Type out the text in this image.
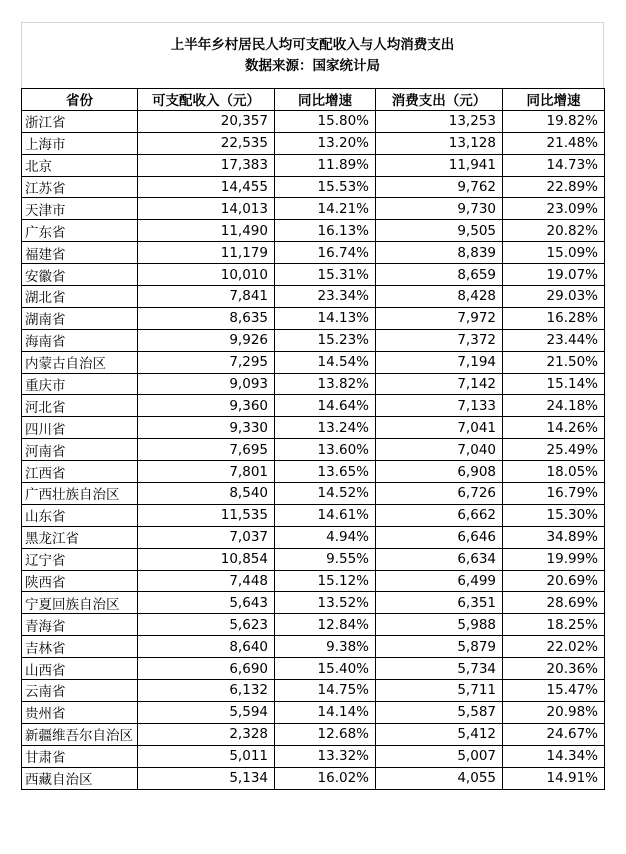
上半年乡村居民人均可支配收入与人均消费支出
数据来源：国家统计局
省份	可支配收入（元）	同比增速	消费支出（元）	同比增速
浙江省	20,357	15.80%	13,253	19.82%
上海市	22,535	13.20%	13,128	21.48%
北京	17,383	11.89%	11,941	14.73%
江苏省	14,455	15.53%	9,762	22.89%
天津市	14,013	14.21%	9,730	23.09%
广东省	11,490	16.13%	9,505	20.82%
福建省	11,179	16.74%	8,839	15.09%
安徽省	10,010	15.31%	8,659	19.07%
湖北省	7,841	23.34%	8,428	29.03%
湖南省	8,635	14.13%	7,972	16.28%
海南省	9,926	15.23%	7,372	23.44%
内蒙古自治区	7,295	14.54%	7,194	21.50%
重庆市	9,093	13.82%	7,142	15.14%
河北省	9,360	14.64%	7,133	24.18%
四川省	9,330	13.24%	7,041	14.26%
河南省	7,695	13.60%	7,040	25.49%
江西省	7,801	13.65%	6,908	18.05%
广西壮族自治区	8,540	14.52%	6,726	16.79%
山东省	11,535	14.61%	6,662	15.30%
黑龙江省	7,037	4.94%	6,646	34.89%
辽宁省	10,854	9.55%	6,634	19.99%
陕西省	7,448	15.12%	6,499	20.69%
宁夏回族自治区	5,643	13.52%	6,351	28.69%
青海省	5,623	12.84%	5,988	18.25%
吉林省	8,640	9.38%	5,879	22.02%
山西省	6,690	15.40%	5,734	20.36%
云南省	6,132	14.75%	5,711	15.47%
贵州省	5,594	14.14%	5,587	20.98%
新疆维吾尔自治区	2,328	12.68%	5,412	24.67%
甘肃省	5,011	13.32%	5,007	14.34%
西藏自治区	5,134	16.02%	4,055	14.91%
